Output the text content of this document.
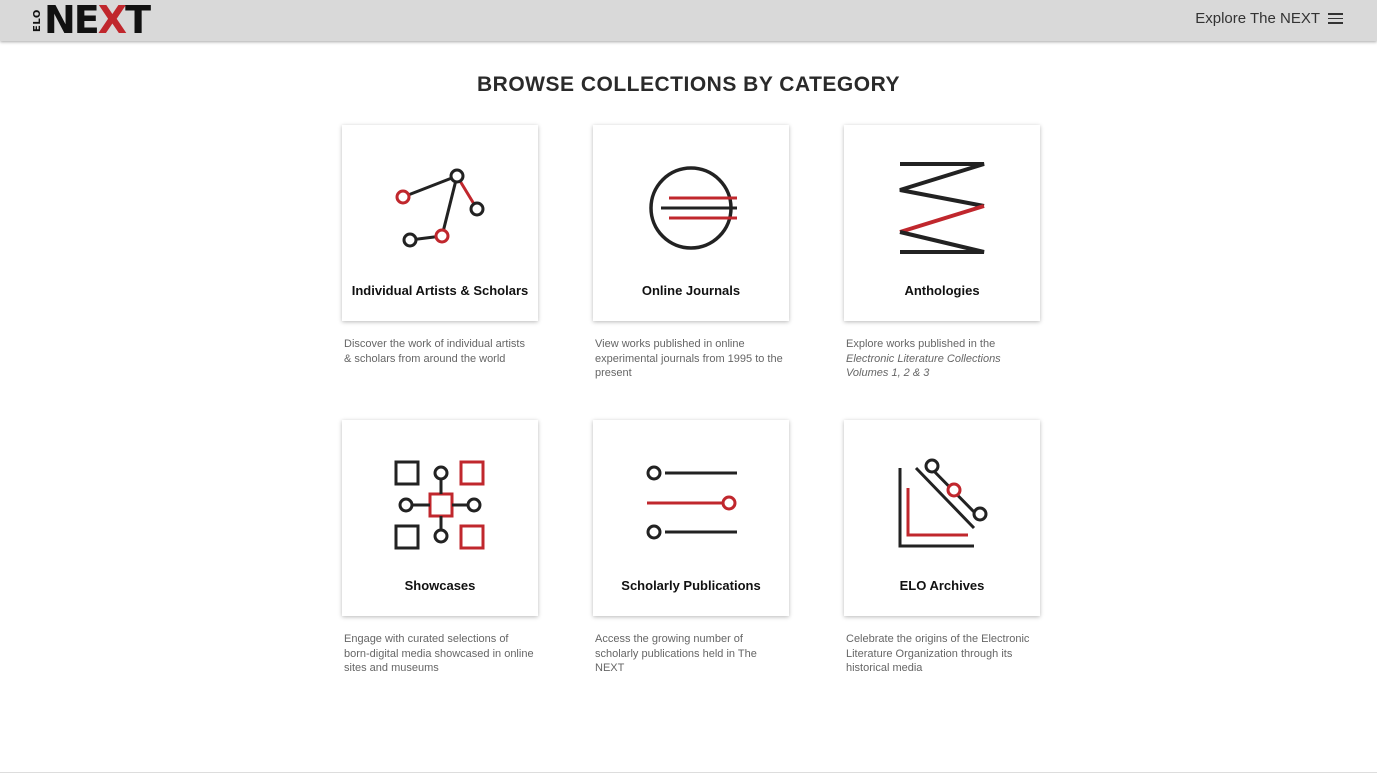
ELO NEXT	Explore The NEXT
BROWSE COLLECTIONS BY CATEGORY
Individual Artists & Scholars
Discover the work of individual artists & scholars from around the world
Online Journals
View works published in online experimental journals from 1995 to the present
Anthologies
Explore works published in the
Electronic Literature Collections Volumes 1, 2 & 3
Showcases
Engage with curated selections of born-digital media showcased in online sites and museums
Scholarly Publications
Access the growing number of scholarly publications held in The NEXT
ELO Archives
Celebrate the origins of the Electronic Literature Organization through its historical media
